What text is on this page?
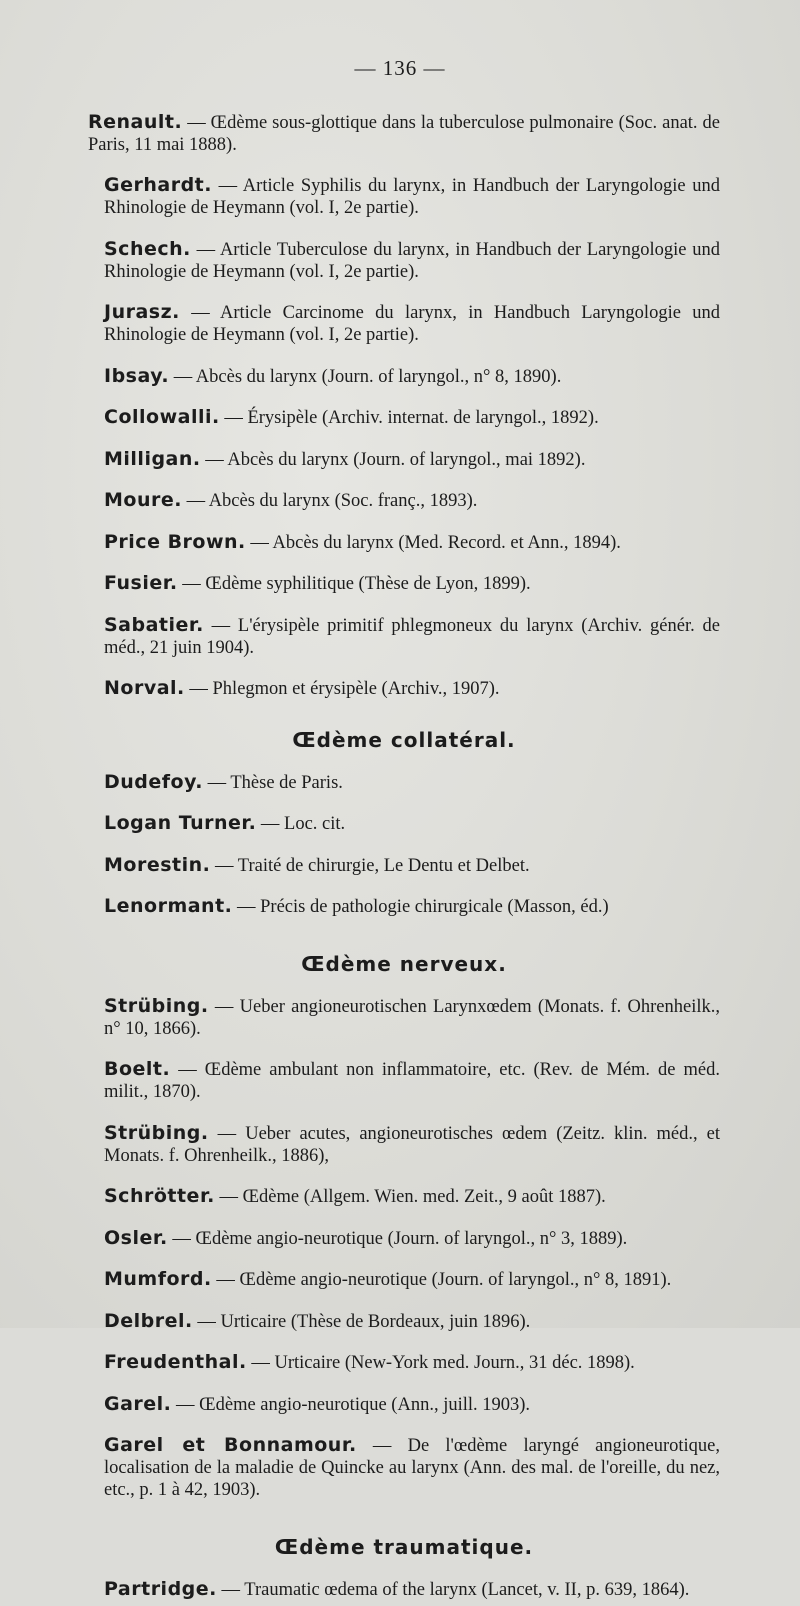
— 136 —

Renault. — Œdème sous-glottique dans la tuberculose pulmonaire (Soc. anat. de Paris, 11 mai 1888).

Gerhardt. — Article Syphilis du larynx, in Handbuch der Laryngologie und Rhinologie de Heymann (vol. I, 2e partie).

Schech. — Article Tuberculose du larynx, in Handbuch der Laryngologie und Rhinologie de Heymann (vol. I, 2e partie).

Jurasz. — Article Carcinome du larynx, in Handbuch Laryngologie und Rhinologie de Heymann (vol. I, 2e partie).

Ibsay. — Abcès du larynx (Journ. of laryngol., n° 8, 1890).

Collowalli. — Érysipèle (Archiv. internat. de laryngol., 1892).

Milligan. — Abcès du larynx (Journ. of laryngol., mai 1892).

Moure. — Abcès du larynx (Soc. franç., 1893).

Price Brown. — Abcès du larynx (Med. Record. et Ann., 1894).

Fusier. — Œdème syphilitique (Thèse de Lyon, 1899).

Sabatier. — L'érysipèle primitif phlegmoneux du larynx (Archiv. génér. de méd., 21 juin 1904).

Norval. — Phlegmon et érysipèle (Archiv., 1907).

Œdème collatéral.

Dudefoy. — Thèse de Paris.

Logan Turner. — Loc. cit.

Morestin. — Traité de chirurgie, Le Dentu et Delbet.

Lenormant. — Précis de pathologie chirurgicale (Masson, éd.)

Œdème nerveux.

Strübing. — Ueber angioneurotischen Larynxœdem (Monats. f. Ohrenheilk., n° 10, 1866).

Boelt. — Œdème ambulant non inflammatoire, etc. (Rev. de Mém. de méd. milit., 1870).

Strübing. — Ueber acutes, angioneurotisches œdem (Zeitz. klin. méd., et Monats. f. Ohrenheilk., 1886),

Schrötter. — Œdème (Allgem. Wien. med. Zeit., 9 août 1887).

Osler. — Œdème angio-neurotique (Journ. of laryngol., n° 3, 1889).

Mumford. — Œdème angio-neurotique (Journ. of laryngol., n° 8, 1891).

Delbrel. — Urticaire (Thèse de Bordeaux, juin 1896).

Freudenthal. — Urticaire (New-York med. Journ., 31 déc. 1898).

Garel. — Œdème angio-neurotique (Ann., juill. 1903).

Garel et Bonnamour. — De l'œdème laryngé angioneurotique, localisation de la maladie de Quincke au larynx (Ann. des mal. de l'oreille, du nez, etc., p. 1 à 42, 1903).

Œdème traumatique.

Partridge. — Traumatic œdema of the larynx (Lancet, v. II, p. 639, 1864).
